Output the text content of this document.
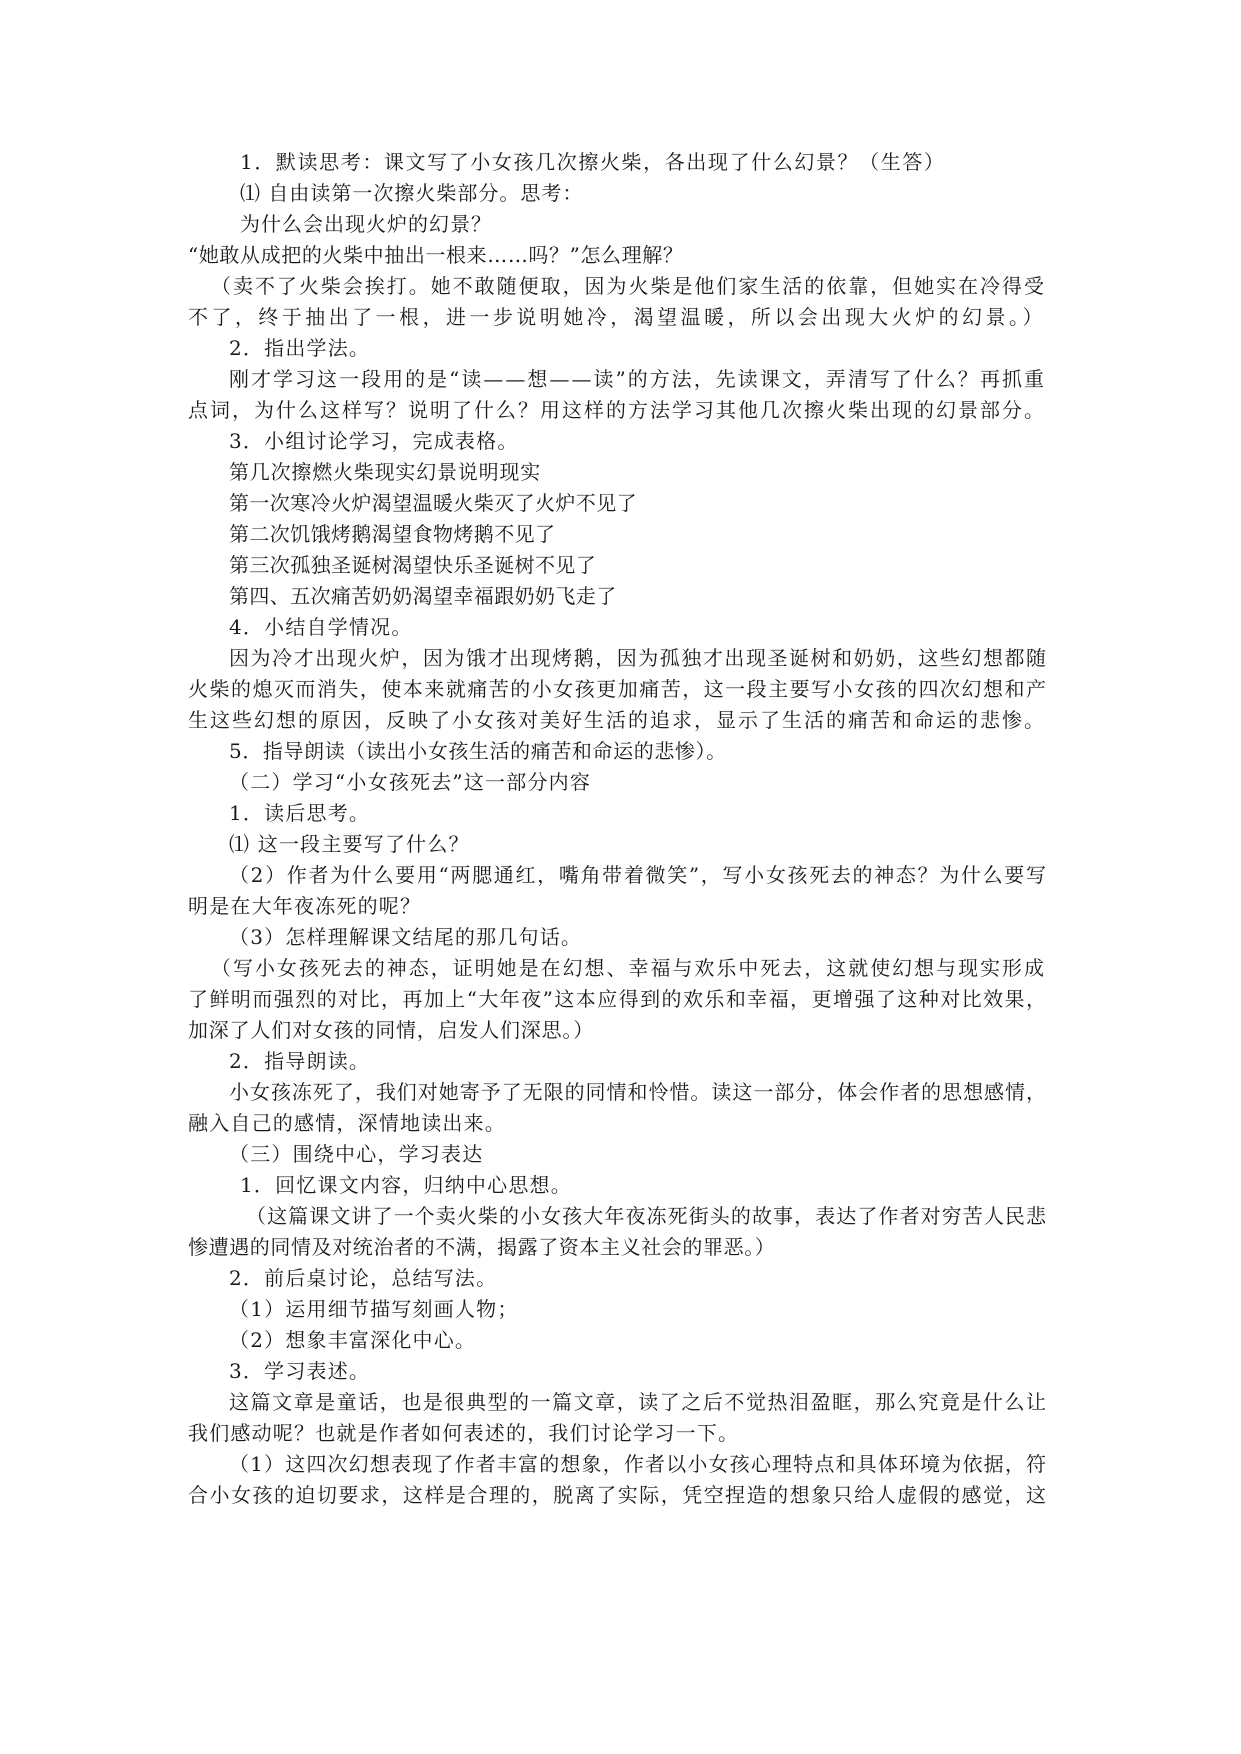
1．默读思考：课文写了小女孩几次擦火柴，各出现了什么幻景？（生答）
⑴ 自由读第一次擦火柴部分。思考：
为什么会出现火炉的幻景？
“她敢从成把的火柴中抽出一根来……吗？”怎么理解？
（卖不了火柴会挨打。她不敢随便取，因为火柴是他们家生活的依靠，但她实在冷得受
不了，终于抽出了一根，进一步说明她冷，渴望温暖，所以会出现大火炉的幻景。）
2．指出学法。
刚才学习这一段用的是“读——想——读”的方法，先读课文，弄清写了什么？再抓重
点词，为什么这样写？说明了什么？用这样的方法学习其他几次擦火柴出现的幻景部分。
3．小组讨论学习，完成表格。
第几次擦燃火柴现实幻景说明现实
第一次寒冷火炉渴望温暖火柴灭了火炉不见了
第二次饥饿烤鹅渴望食物烤鹅不见了
第三次孤独圣诞树渴望快乐圣诞树不见了
第四、五次痛苦奶奶渴望幸福跟奶奶飞走了
4．小结自学情况。
因为冷才出现火炉，因为饿才出现烤鹅，因为孤独才出现圣诞树和奶奶，这些幻想都随
火柴的熄灭而消失，使本来就痛苦的小女孩更加痛苦，这一段主要写小女孩的四次幻想和产
生这些幻想的原因，反映了小女孩对美好生活的追求，显示了生活的痛苦和命运的悲惨。
5．指导朗读（读出小女孩生活的痛苦和命运的悲惨）。
（二）学习“小女孩死去”这一部分内容
1．读后思考。
⑴ 这一段主要写了什么？
（2）作者为什么要用“两腮通红，嘴角带着微笑”，写小女孩死去的神态？为什么要写
明是在大年夜冻死的呢？
（3）怎样理解课文结尾的那几句话。
（写小女孩死去的神态，证明她是在幻想、幸福与欢乐中死去，这就使幻想与现实形成
了鲜明而强烈的对比，再加上“大年夜”这本应得到的欢乐和幸福，更增强了这种对比效果，
加深了人们对女孩的同情，启发人们深思。）
2．指导朗读。
小女孩冻死了，我们对她寄予了无限的同情和怜惜。读这一部分，体会作者的思想感情，
融入自己的感情，深情地读出来。
（三）围绕中心，学习表达
1．回忆课文内容，归纳中心思想。
（这篇课文讲了一个卖火柴的小女孩大年夜冻死街头的故事，表达了作者对穷苦人民悲
惨遭遇的同情及对统治者的不满，揭露了资本主义社会的罪恶。）
2．前后桌讨论，总结写法。
（1）运用细节描写刻画人物；
（2）想象丰富深化中心。
3．学习表述。
这篇文章是童话，也是很典型的一篇文章，读了之后不觉热泪盈眶，那么究竟是什么让
我们感动呢？也就是作者如何表述的，我们讨论学习一下。
（1）这四次幻想表现了作者丰富的想象，作者以小女孩心理特点和具体环境为依据，符
合小女孩的迫切要求，这样是合理的，脱离了实际，凭空捏造的想象只给人虚假的感觉，这
